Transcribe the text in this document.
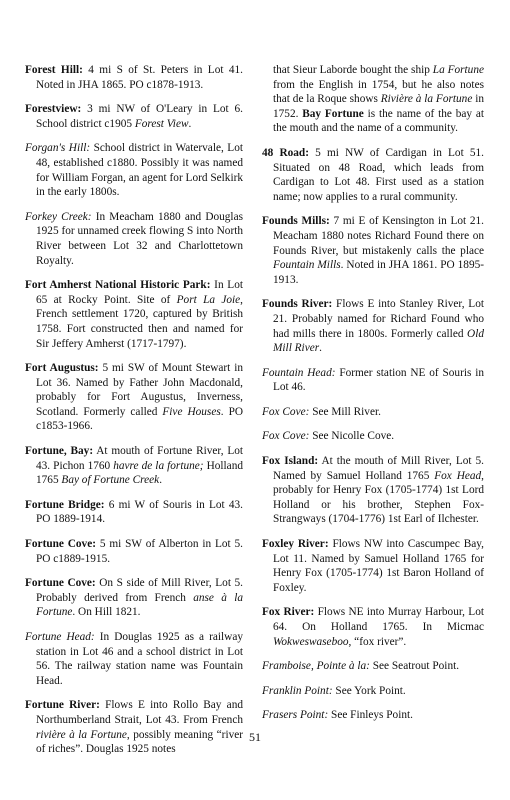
Forest Hill: 4 mi S of St. Peters in Lot 41. Noted in JHA 1865. PO c1878-1913.

Forestview: 3 mi NW of O'Leary in Lot 6. School district c1905 Forest View.

Forgan's Hill: School district in Watervale, Lot 48, established c1880. Possibly it was named for William Forgan, an agent for Lord Selkirk in the early 1800s.

Forkey Creek: In Meacham 1880 and Douglas 1925 for unnamed creek flowing S into North River between Lot 32 and Charlottetown Royalty.

Fort Amherst National Historic Park: In Lot 65 at Rocky Point. Site of Port La Joie, French settlement 1720, captured by British 1758. Fort constructed then and named for Sir Jeffery Amherst (1717-1797).

Fort Augustus: 5 mi SW of Mount Stewart in Lot 36. Named by Father John Macdonald, probably for Fort Augustus, Inverness, Scotland. Formerly called Five Houses. PO c1853-1966.

Fortune, Bay: At mouth of Fortune River, Lot 43. Pichon 1760 havre de la fortune; Holland 1765 Bay of Fortune Creek.

Fortune Bridge: 6 mi W of Souris in Lot 43. PO 1889-1914.

Fortune Cove: 5 mi SW of Alberton in Lot 5. PO c1889-1915.

Fortune Cove: On S side of Mill River, Lot 5. Probably derived from French anse à la Fortune. On Hill 1821.

Fortune Head: In Douglas 1925 as a railway station in Lot 46 and a school district in Lot 56. The railway station name was Fountain Head.

Fortune River: Flows E into Rollo Bay and Northumberland Strait, Lot 43. From French rivière à la Fortune, possibly meaning “river of riches”. Douglas 1925 notes

that Sieur Laborde bought the ship La Fortune from the English in 1754, but he also notes that de la Roque shows Rivière à la Fortune in 1752. Bay Fortune is the name of the bay at the mouth and the name of a community.

48 Road: 5 mi NW of Cardigan in Lot 51. Situated on 48 Road, which leads from Cardigan to Lot 48. First used as a station name; now applies to a rural community.

Founds Mills: 7 mi E of Kensington in Lot 21. Meacham 1880 notes Richard Found there on Founds River, but mistakenly calls the place Fountain Mills. Noted in JHA 1861. PO 1895-1913.

Founds River: Flows E into Stanley River, Lot 21. Probably named for Richard Found who had mills there in 1800s. Formerly called Old Mill River.

Fountain Head: Former station NE of Souris in Lot 46.

Fox Cove: See Mill River.

Fox Cove: See Nicolle Cove.

Fox Island: At the mouth of Mill River, Lot 5. Named by Samuel Holland 1765 Fox Head, probably for Henry Fox (1705-1774) 1st Lord Holland or his brother, Stephen Fox-Strangways (1704-1776) 1st Earl of Ilchester.

Foxley River: Flows NW into Cascumpec Bay, Lot 11. Named by Samuel Holland 1765 for Henry Fox (1705-1774) 1st Baron Holland of Foxley.

Fox River: Flows NE into Murray Harbour, Lot 64. On Holland 1765. In Micmac Wokweswaseboo, “fox river”.

Framboise, Pointe à la: See Seatrout Point.

Franklin Point: See York Point.

Frasers Point: See Finleys Point.

51
